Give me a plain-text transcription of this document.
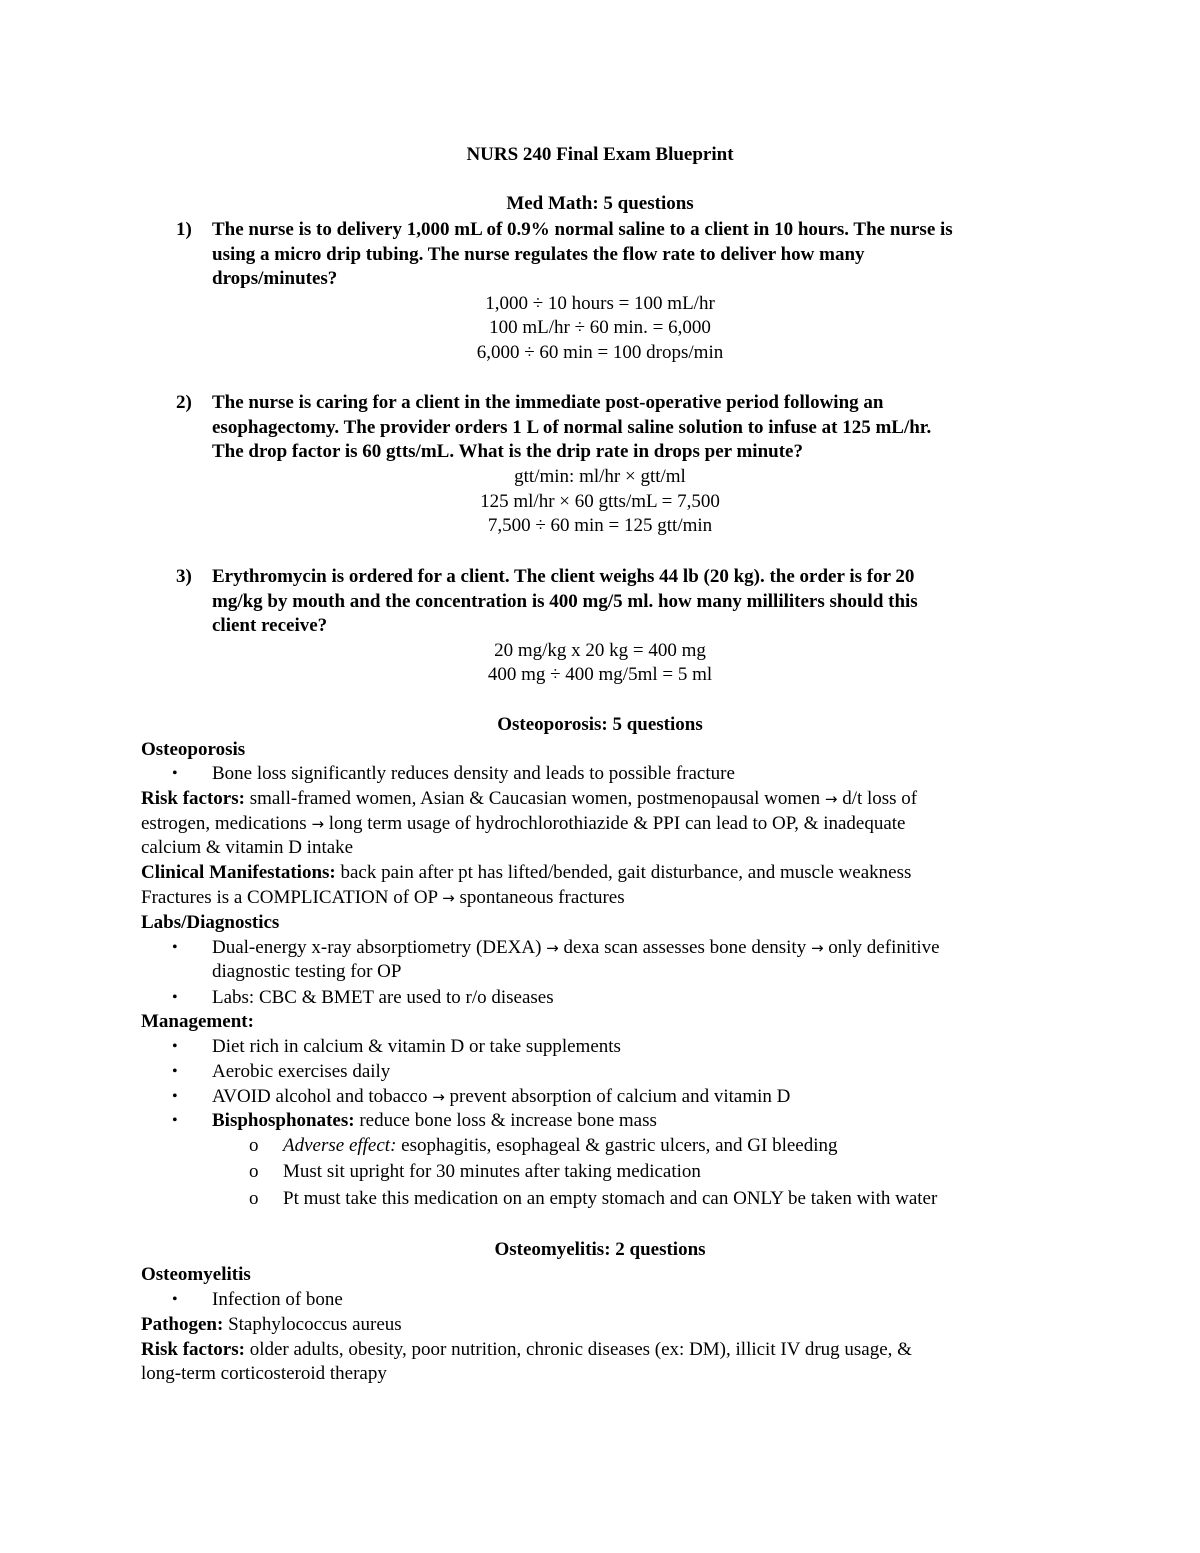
NURS 240 Final Exam Blueprint
Med Math: 5 questions
1) The nurse is to delivery 1,000 mL of 0.9% normal saline to a client in 10 hours. The nurse is
using a micro drip tubing. The nurse regulates the flow rate to deliver how many
drops/minutes?
1,000 ÷ 10 hours = 100 mL/hr
100 mL/hr ÷ 60 min. = 6,000
6,000 ÷ 60 min = 100 drops/min
2) The nurse is caring for a client in the immediate post-operative period following an
esophagectomy. The provider orders 1 L of normal saline solution to infuse at 125 mL/hr.
The drop factor is 60 gtts/mL. What is the drip rate in drops per minute?
gtt/min: ml/hr × gtt/ml
125 ml/hr × 60 gtts/mL = 7,500
7,500 ÷ 60 min = 125 gtt/min
3) Erythromycin is ordered for a client. The client weighs 44 lb (20 kg). the order is for 20
mg/kg by mouth and the concentration is 400 mg/5 ml. how many milliliters should this
client receive?
20 mg/kg x 20 kg = 400 mg
400 mg ÷ 400 mg/5ml = 5 ml
Osteoporosis: 5 questions
Osteoporosis
• Bone loss significantly reduces density and leads to possible fracture
Risk factors: small-framed women, Asian & Caucasian women, postmenopausal women → d/t loss of
estrogen, medications → long term usage of hydrochlorothiazide & PPI can lead to OP, & inadequate
calcium & vitamin D intake
Clinical Manifestations: back pain after pt has lifted/bended, gait disturbance, and muscle weakness
Fractures is a COMPLICATION of OP → spontaneous fractures
Labs/Diagnostics
• Dual-energy x-ray absorptiometry (DEXA) → dexa scan assesses bone density → only definitive
diagnostic testing for OP
• Labs: CBC & BMET are used to r/o diseases
Management:
• Diet rich in calcium & vitamin D or take supplements
• Aerobic exercises daily
• AVOID alcohol and tobacco → prevent absorption of calcium and vitamin D
• Bisphosphonates: reduce bone loss & increase bone mass
o Adverse effect: esophagitis, esophageal & gastric ulcers, and GI bleeding
o Must sit upright for 30 minutes after taking medication
o Pt must take this medication on an empty stomach and can ONLY be taken with water
Osteomyelitis: 2 questions
Osteomyelitis
• Infection of bone
Pathogen: Staphylococcus aureus
Risk factors: older adults, obesity, poor nutrition, chronic diseases (ex: DM), illicit IV drug usage, &
long-term corticosteroid therapy
